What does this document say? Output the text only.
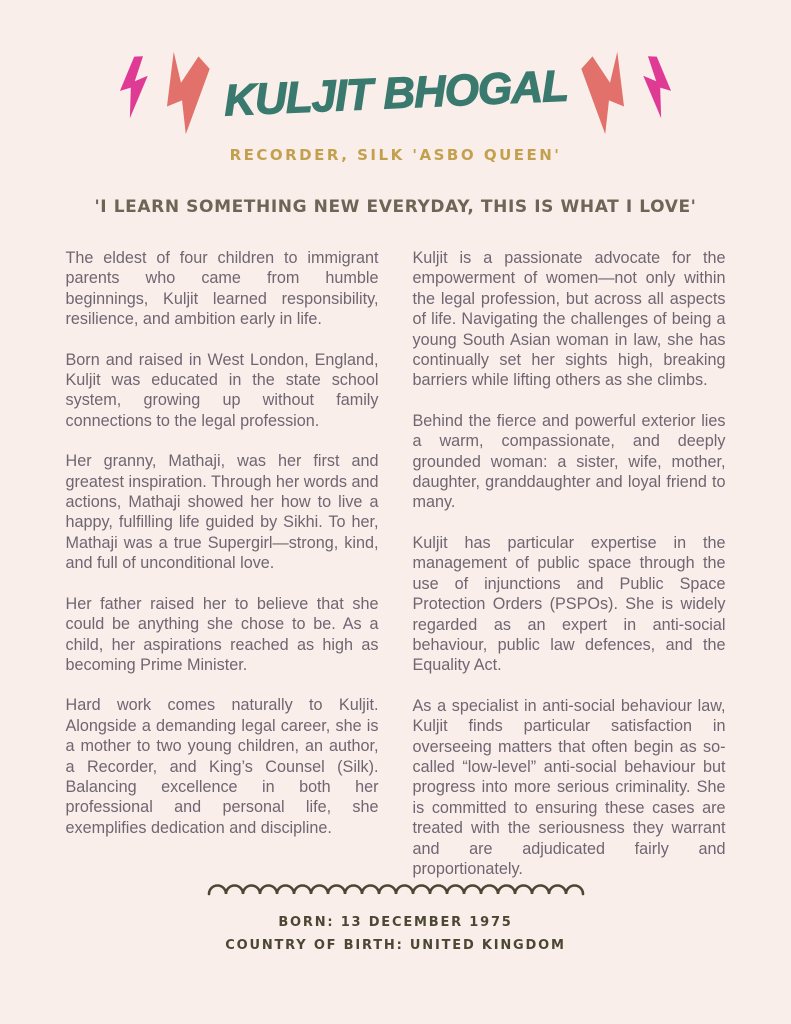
KULJIT BHOGAL
RECORDER, SILK 'ASBO QUEEN'
'I LEARN SOMETHING NEW EVERYDAY, THIS IS WHAT I LOVE'

The eldest of four children to immigrant parents who came from humble beginnings, Kuljit learned responsibility, resilience, and ambition early in life.

Born and raised in West London, England, Kuljit was educated in the state school system, growing up without family connections to the legal profession.

Her granny, Mathaji, was her first and greatest inspiration. Through her words and actions, Mathaji showed her how to live a happy, fulfilling life guided by Sikhi. To her, Mathaji was a true Supergirl—strong, kind, and full of unconditional love.

Her father raised her to believe that she could be anything she chose to be. As a child, her aspirations reached as high as becoming Prime Minister.

Hard work comes naturally to Kuljit. Alongside a demanding legal career, she is a mother to two young children, an author, a Recorder, and King’s Counsel (Silk). Balancing excellence in both her professional and personal life, she exemplifies dedication and discipline.

Kuljit is a passionate advocate for the empowerment of women—not only within the legal profession, but across all aspects of life. Navigating the challenges of being a young South Asian woman in law, she has continually set her sights high, breaking barriers while lifting others as she climbs.

Behind the fierce and powerful exterior lies a warm, compassionate, and deeply grounded woman: a sister, wife, mother, daughter, granddaughter and loyal friend to many.

Kuljit has particular expertise in the management of public space through the use of injunctions and Public Space Protection Orders (PSPOs). She is widely regarded as an expert in anti-social behaviour, public law defences, and the Equality Act.

As a specialist in anti-social behaviour law, Kuljit finds particular satisfaction in overseeing matters that often begin as so-called “low-level” anti-social behaviour but progress into more serious criminality. She is committed to ensuring these cases are treated with the seriousness they warrant and are adjudicated fairly and proportionately.

BORN: 13 DECEMBER 1975
COUNTRY OF BIRTH: UNITED KINGDOM
